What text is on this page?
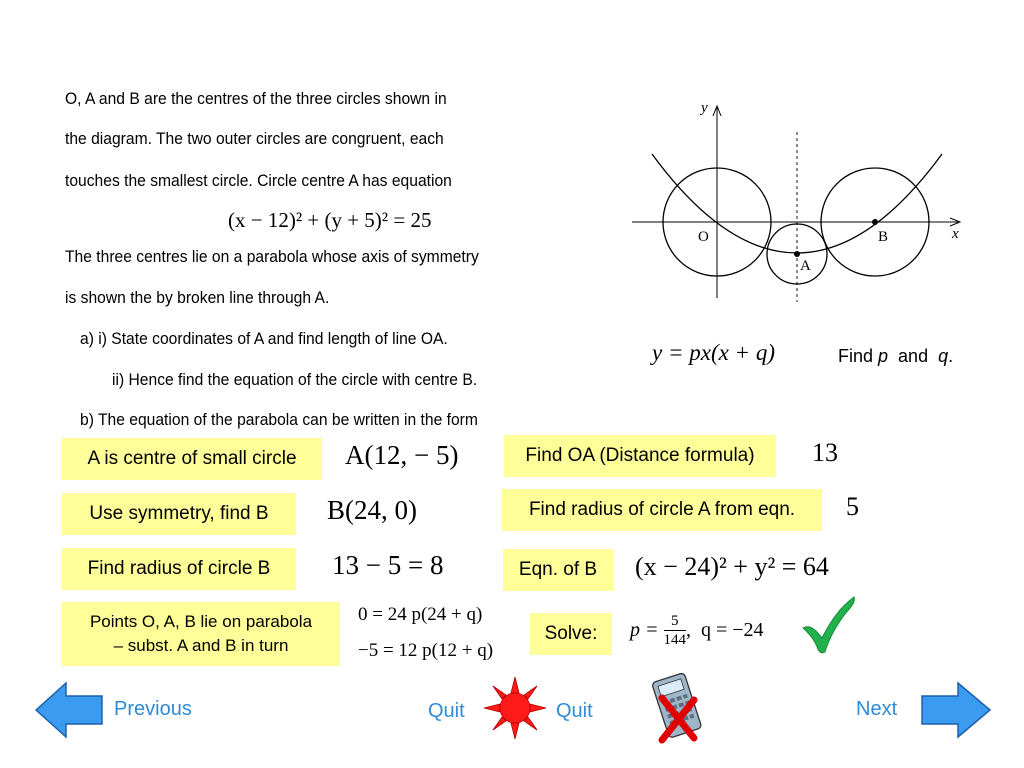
O, A and B are the centres of the three circles shown in
the diagram. The two outer circles are congruent, each
touches the smallest circle. Circle centre A has equation
(x − 12)² + (y + 5)² = 25
The three centres lie on a parabola whose axis of symmetry
is shown the by broken line through A.
a) i) State coordinates of A and find length of line OA.
ii) Hence find the equation of the circle with centre B.
b) The equation of the parabola can be written in the form
y = px(x + q)	Find p  and  q.
y
x
O
A
B
A is centre of small circle A(12, − 5)
Use symmetry, find B B(24, 0)
Find radius of circle B 13 − 5 = 8
Points O, A, B lie on parabola
– subst. A and B in turn
0 = 24 p(24 + q)
−5 = 12 p(12 + q)
Find OA (Distance formula) 13
Find radius of circle A from eqn. 5
Eqn. of B (x − 24)² + y² = 64
Solve: $p = \frac{5}{144}$ ,  q = −24
Previous	Next
Quit	Quit
